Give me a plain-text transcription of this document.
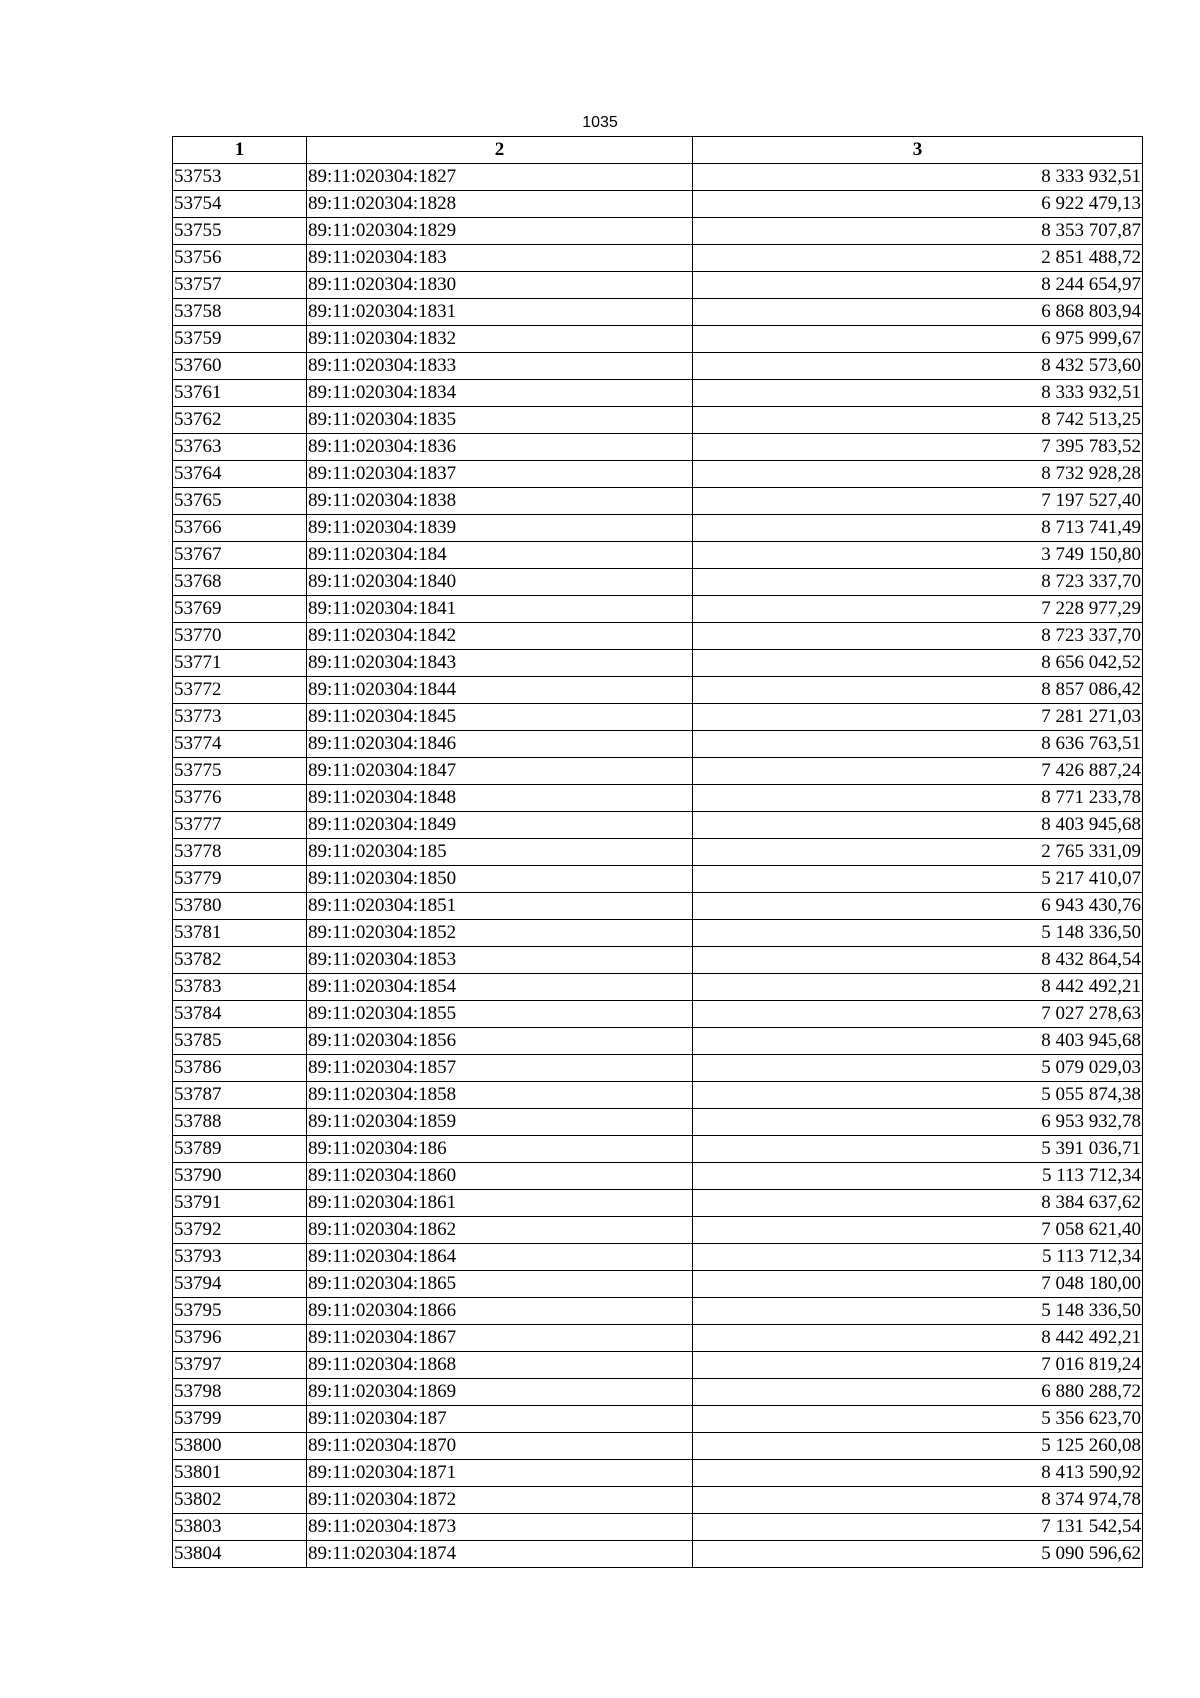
1035
1	2	3
53753	89:11:020304:1827	8 333 932,51
53754	89:11:020304:1828	6 922 479,13
53755	89:11:020304:1829	8 353 707,87
53756	89:11:020304:183	2 851 488,72
53757	89:11:020304:1830	8 244 654,97
53758	89:11:020304:1831	6 868 803,94
53759	89:11:020304:1832	6 975 999,67
53760	89:11:020304:1833	8 432 573,60
53761	89:11:020304:1834	8 333 932,51
53762	89:11:020304:1835	8 742 513,25
53763	89:11:020304:1836	7 395 783,52
53764	89:11:020304:1837	8 732 928,28
53765	89:11:020304:1838	7 197 527,40
53766	89:11:020304:1839	8 713 741,49
53767	89:11:020304:184	3 749 150,80
53768	89:11:020304:1840	8 723 337,70
53769	89:11:020304:1841	7 228 977,29
53770	89:11:020304:1842	8 723 337,70
53771	89:11:020304:1843	8 656 042,52
53772	89:11:020304:1844	8 857 086,42
53773	89:11:020304:1845	7 281 271,03
53774	89:11:020304:1846	8 636 763,51
53775	89:11:020304:1847	7 426 887,24
53776	89:11:020304:1848	8 771 233,78
53777	89:11:020304:1849	8 403 945,68
53778	89:11:020304:185	2 765 331,09
53779	89:11:020304:1850	5 217 410,07
53780	89:11:020304:1851	6 943 430,76
53781	89:11:020304:1852	5 148 336,50
53782	89:11:020304:1853	8 432 864,54
53783	89:11:020304:1854	8 442 492,21
53784	89:11:020304:1855	7 027 278,63
53785	89:11:020304:1856	8 403 945,68
53786	89:11:020304:1857	5 079 029,03
53787	89:11:020304:1858	5 055 874,38
53788	89:11:020304:1859	6 953 932,78
53789	89:11:020304:186	5 391 036,71
53790	89:11:020304:1860	5 113 712,34
53791	89:11:020304:1861	8 384 637,62
53792	89:11:020304:1862	7 058 621,40
53793	89:11:020304:1864	5 113 712,34
53794	89:11:020304:1865	7 048 180,00
53795	89:11:020304:1866	5 148 336,50
53796	89:11:020304:1867	8 442 492,21
53797	89:11:020304:1868	7 016 819,24
53798	89:11:020304:1869	6 880 288,72
53799	89:11:020304:187	5 356 623,70
53800	89:11:020304:1870	5 125 260,08
53801	89:11:020304:1871	8 413 590,92
53802	89:11:020304:1872	8 374 974,78
53803	89:11:020304:1873	7 131 542,54
53804	89:11:020304:1874	5 090 596,62
